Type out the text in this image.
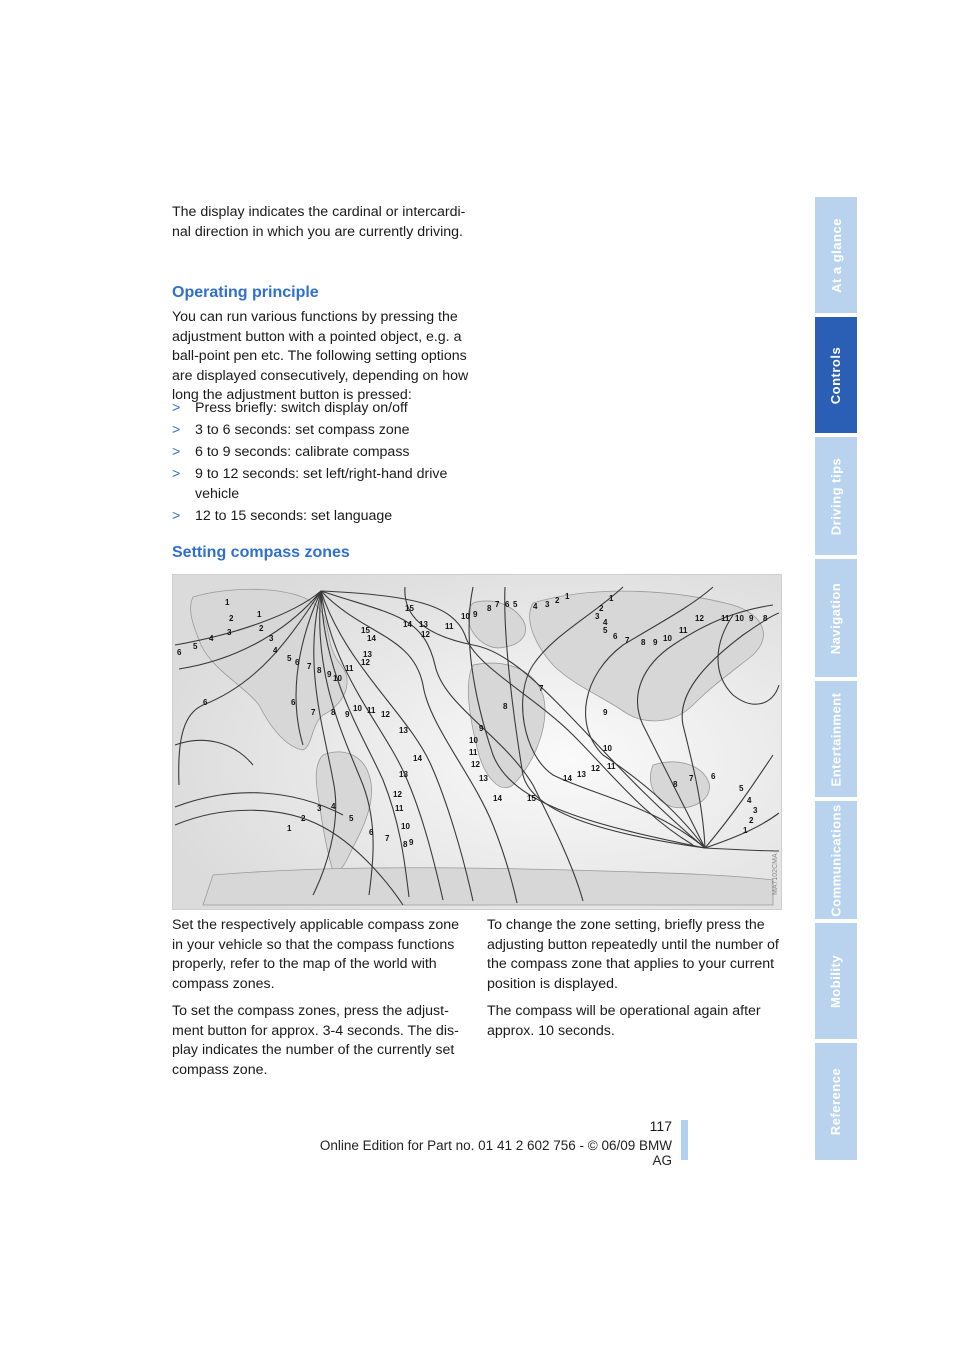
The display indicates the cardinal or intercardi-nal direction in which you are currently driving.
Operating principle
You can run various functions by pressing the adjustment button with a pointed object, e.g. a ball-point pen etc. The following setting options are displayed consecutively, depending on how long the adjustment button is pressed:
> Press briefly: switch display on/off
> 3 to 6 seconds: set compass zone
> 6 to 9 seconds: calibrate compass
> 9 to 12 seconds: set left/right-hand drive vehicle
> 12 to 15 seconds: set language
Setting compass zones
1
2	1
2
3
3
4
5
6	4
5 6 7 8 9 10
11
12
13
14
15
15
14 13
12
11
10 9
8 7 6 5 4 3 2 1	1
2
3
4
5
6 7 8 9 10
11
12 11 10 9 8
7
8
9
10
11
12
13
14	15
9
10
11
12
13
14
6	6
7 8 9
10 11 12
13
14
13
12
11
10
9
8
7
6
5
4
3
2
1
8
7 6
5
4
3
2
1
MA7102CMA

Set the respectively applicable compass zone in your vehicle so that the compass functions properly, refer to the map of the world with compass zones.

To set the compass zones, press the adjust-ment button for approx. 3-4 seconds. The dis-play indicates the number of the currently set compass zone.

To change the zone setting, briefly press the adjusting button repeatedly until the number of the compass zone that applies to your current position is displayed.

The compass will be operational again after approx. 10 seconds.

117
Online Edition for Part no. 01 41 2 602 756 - © 06/09 BMW AG
At a glance
Controls
Driving tips
Navigation
Entertainment
Communications
Mobility
Reference
